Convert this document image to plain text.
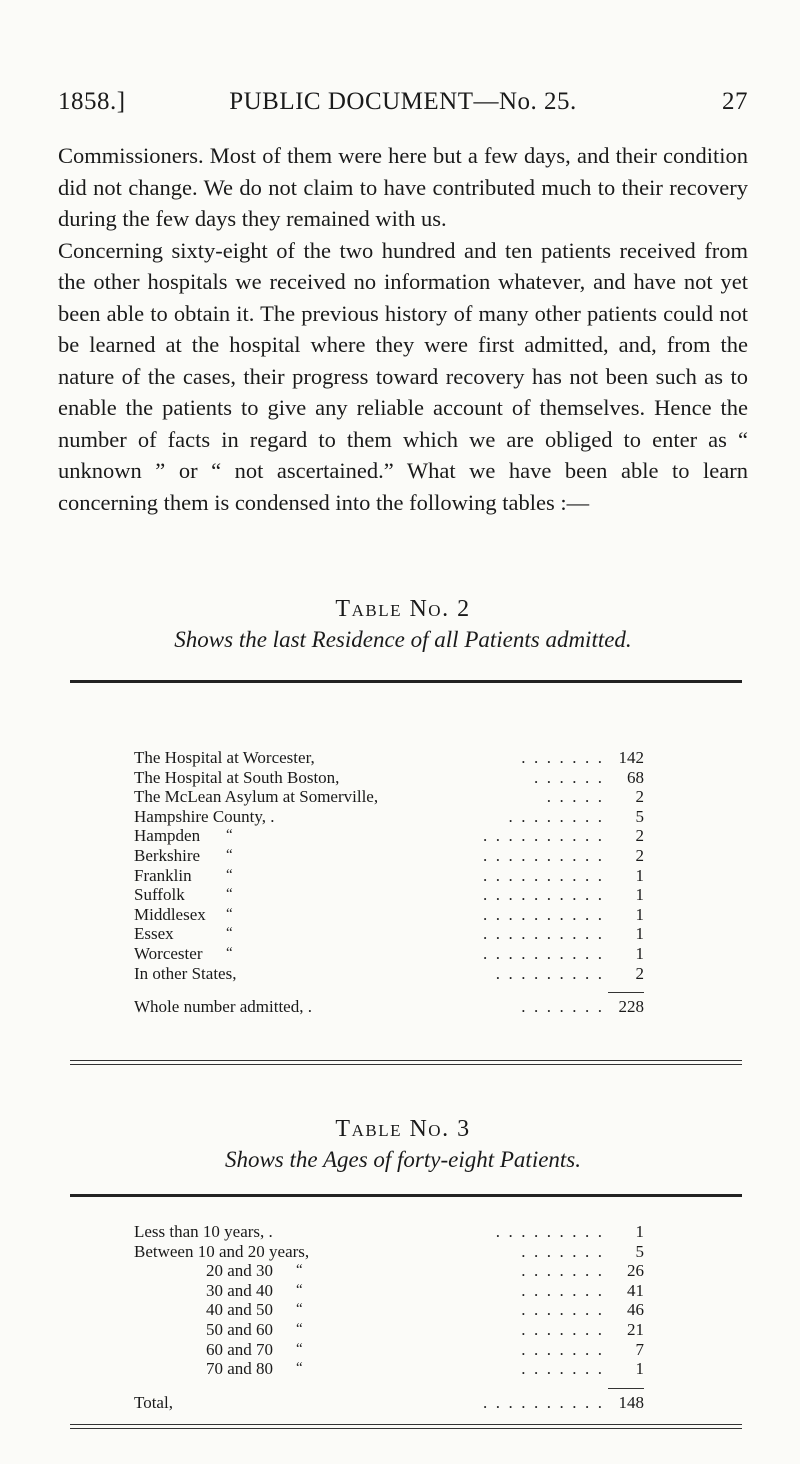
1858.]	PUBLIC DOCUMENT—No. 25.	27

Commissioners. Most of them were here but a few days, and their condition did not change. We do not claim to have contributed much to their recovery during the few days they remained with us.

Concerning sixty-eight of the two hundred and ten patients received from the other hospitals we received no information whatever, and have not yet been able to obtain it. The previous history of many other patients could not be learned at the hospital where they were first admitted, and, from the nature of the cases, their progress toward recovery has not been such as to enable the patients to give any reliable account of themselves. Hence the number of facts in regard to them which we are obliged to enter as “ unknown ” or “ not ascertained.” What we have been able to learn concerning them is condensed into the following tables :—

Table No. 2
Shows the last Residence of all Patients admitted.
The Hospital at Worcester,	.  .  .  .  .  .  . 142
The Hospital at South Boston,	.  .  .  .  .  .	68
The McLean Asylum at Somerville,	.  .  .  .  .	2
Hampshire County, .	.  .  .  .  .  .  .  .	5
Hampden “	.  .  .  .  .  .  .  .  .  .	2
Berkshire “	.  .  .  .  .  .  .  .  .  .	2
Franklin “	.  .  .  .  .  .  .  .  .  .	1
Suffolk	“	.  .  .  .  .  .  .  .  .  .	1
Middlesex “	.  .  .  .  .  .  .  .  .  .	1
Essex	“	.  .  .  .  .  .  .  .  .  .	1
Worcester “	.  .  .  .  .  .  .  .  .  .	1
In other States,	.  .  .  .  .  .  .  .  .	2
Whole number admitted, .	.  .  .  .  .  .  . 228
Table No. 3
Shows the Ages of forty-eight Patients.
Less than 10 years, .	.  .  .  .  .  .  .  .  .	1
Between 10 and 20 years,	.  .  .  .  .  .  .	5
20 and 30 “	.  .  .  .  .  .  .	26
30 and 40 “	.  .  .  .  .  .  .	41
40 and 50 “	.  .  .  .  .  .  .	46
50 and 60 “	.  .  .  .  .  .  .	21
60 and 70 “	.  .  .  .  .  .  .	7
70 and 80 “	.  .  .  .  .  .  .	1
Total,	.  .  .  .  .  .  .  .  .  . 148
